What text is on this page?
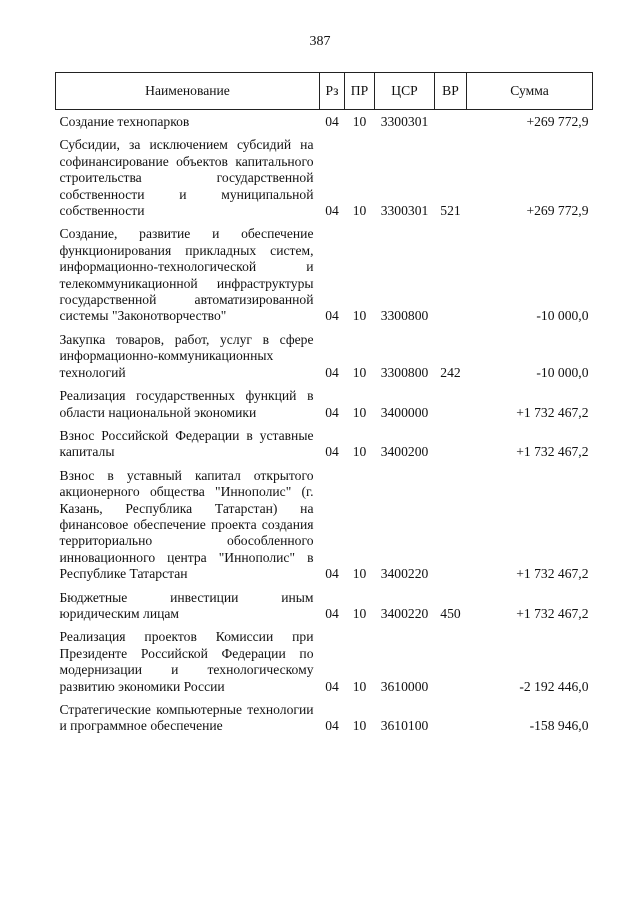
387
Наименование	Рз	ПР	ЦСР	ВР	Сумма
Создание технопарков	04	10	3300301		+269 772,9
Субсидии, за исключением субсидий на софинансирование объектов капитального строительства государственной собственности и муниципальной собственности	04	10	3300301	521	+269 772,9
Создание, развитие и обеспечение функционирования прикладных систем, информационно-технологической и телекоммуникационной инфраструктуры государственной автоматизированной системы "Законотворчество"	04	10	3300800		-10 000,0
Закупка товаров, работ, услуг в сфере информационно-коммуникационных технологий	04	10	3300800	242	-10 000,0
Реализация государственных функций в области национальной экономики	04	10	3400000		+1 732 467,2
Взнос Российской Федерации в уставные капиталы	04	10	3400200		+1 732 467,2
Взнос в уставный капитал открытого акционерного общества "Иннополис" (г. Казань, Республика Татарстан) на финансовое обеспечение проекта создания территориально обособленного инновационного центра "Иннополис" в Республике Татарстан	04	10	3400220		+1 732 467,2
Бюджетные инвестиции иным юридическим лицам	04	10	3400220	450	+1 732 467,2
Реализация проектов Комиссии при Президенте Российской Федерации по модернизации и технологическому развитию экономики России	04	10	3610000		-2 192 446,0
Стратегические компьютерные технологии и программное обеспечение	04	10	3610100		-158 946,0
